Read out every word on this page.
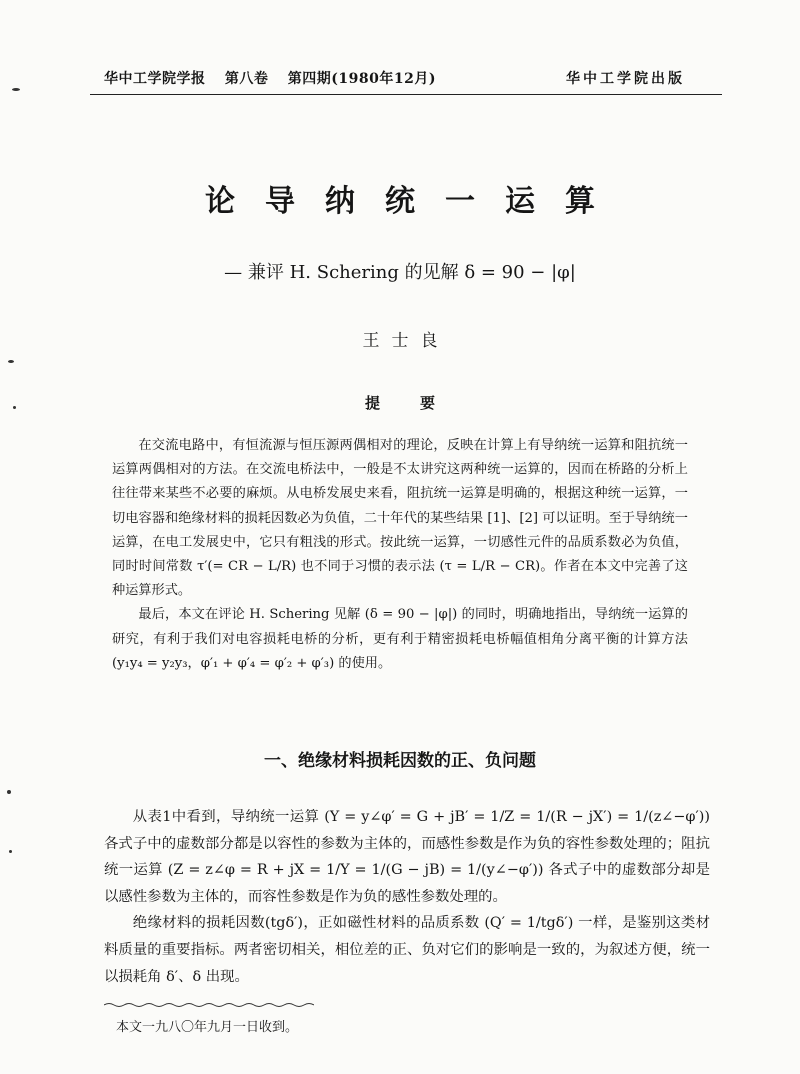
华中工学院学报 第八卷 第四期(1980年12月)	华中工学院出版
论导纳统一运算
— 兼评 H. Schering 的见解 δ = 90 − |φ|
王士良
提要

在交流电路中，有恒流源与恒压源两偶相对的理论，反映在计算上有导纳统一运算和阻抗统一运算两偶相对的方法。在交流电桥法中，一般是不太讲究这两种统一运算的，因而在桥路的分析上往往带来某些不必要的麻烦。从电桥发展史来看，阻抗统一运算是明确的，根据这种统一运算，一切电容器和绝缘材料的损耗因数必为负值，二十年代的某些结果 [1]、[2] 可以证明。至于导纳统一运算，在电工发展史中，它只有粗浅的形式。按此统一运算，一切感性元件的品质系数必为负值，同时时间常数 τ′(= CR − L/R) 也不同于习惯的表示法 (τ = L/R − CR)。作者在本文中完善了这种运算形式。

最后，本文在评论 H. Schering 见解 (δ = 90 − |φ|) 的同时，明确地指出，导纳统一运算的研究，有利于我们对电容损耗电桥的分析，更有利于精密损耗电桥幅值相角分离平衡的计算方法 (y₁y₄ = y₂y₃，φ′₁ + φ′₄ = φ′₂ + φ′₃) 的使用。

一、绝缘材料损耗因数的正、负问题

从表1中看到，导纳统一运算 (Y = y∠φ′ = G + jB′ = 1/Z = 1/(R − jX′) = 1/(z∠−φ′)) 各式子中的虚数部分都是以容性的参数为主体的，而感性参数是作为负的容性参数处理的；阻抗统一运算 (Z = z∠φ = R + jX = 1/Y = 1/(G − jB) = 1/(y∠−φ′)) 各式子中的虚数部分却是以感性参数为主体的，而容性参数是作为负的感性参数处理的。

绝缘材料的损耗因数(tgδ′)，正如磁性材料的品质系数 (Q′ = 1/tgδ′) 一样，是鉴别这类材料质量的重要指标。两者密切相关，相位差的正、负对它们的影响是一致的，为叙述方便，统一以损耗角 δ′、δ 出现。

本文一九八〇年九月一日收到。
